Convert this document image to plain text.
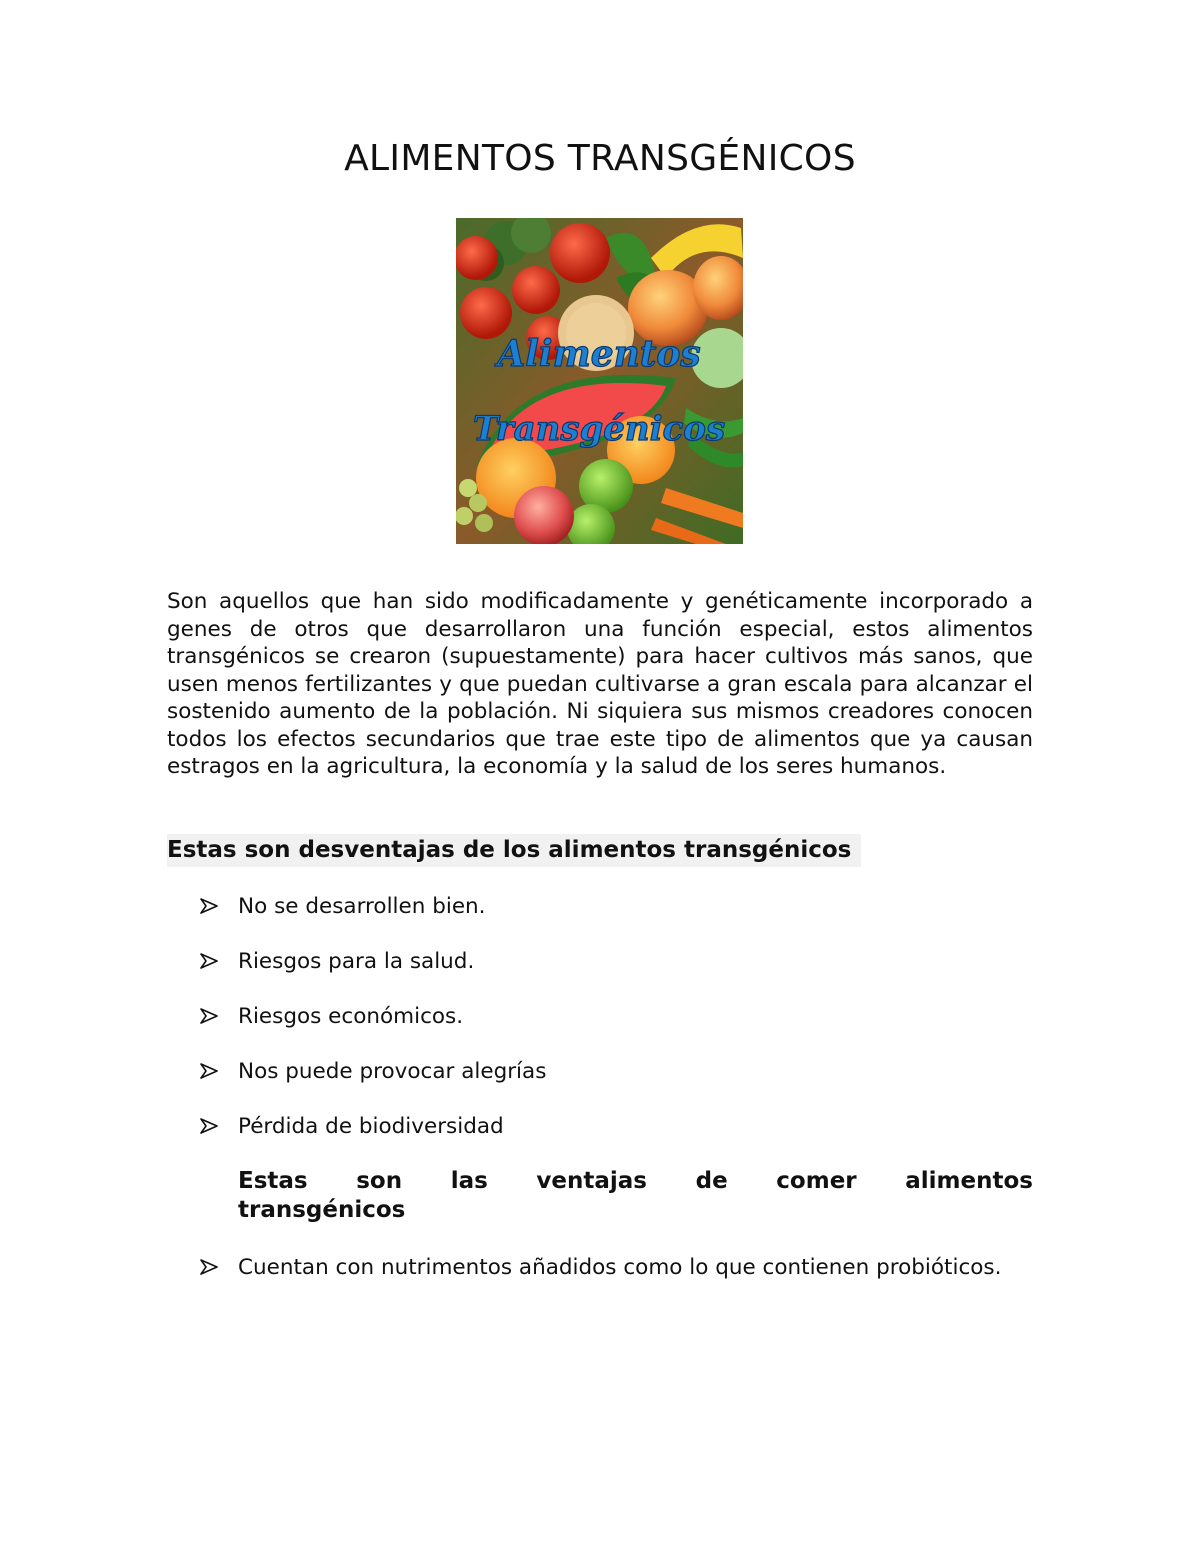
ALIMENTOS TRANSGÉNICOS
Alimentos
Transgénicos

Son aquellos que han sido modificadamente y genéticamente incorporado a genes de otros que desarrollaron una función especial, estos alimentos transgénicos se crearon (supuestamente) para hacer cultivos más sanos, que usen menos fertilizantes y que puedan cultivarse a gran escala para alcanzar el sostenido aumento de la población. Ni siquiera sus mismos creadores conocen todos los efectos secundarios que trae este tipo de alimentos que ya causan estragos en la agricultura, la economía y la salud de los seres humanos.

Estas son desventajas de los alimentos transgénicos
No se desarrollen bien.
Riesgos para la salud.
Riesgos económicos.
Nos puede provocar alegrías
Pérdida de biodiversidad
Estas son las ventajas de comer alimentos
transgénicos
Cuentan con nutrimentos añadidos como lo que contienen probióticos.
